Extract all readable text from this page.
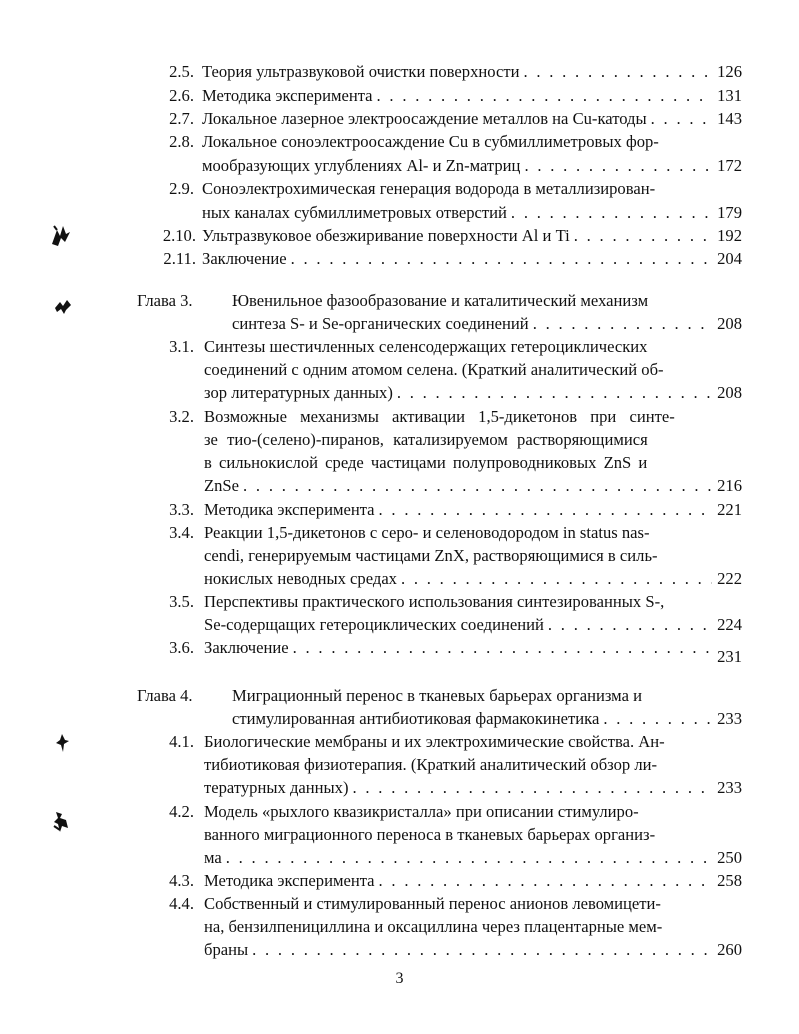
2.5. Теория ультразвуковой очистки поверхности . . .	126
2.6. Методика эксперимента . . .	131
2.7. Локальное лазерное электроосаждение металлов на Cu-катоды . . .	143
2.8. Локальное соноэлектроосаждение Cu в субмиллиметровых фор-
мообразующих углублениях Al- и Zn-матриц . . .	172
2.9. Соноэлектрохимическая генерация водорода в металлизирован-
ных каналах субмиллиметровых отверстий . . .	179
2.10. Ультразвуковое обезжиривание поверхности Al и Ti . . .	192
2.11. Заключение . . .	204
Глава 3. Ювенильное фазообразование и каталитический механизм
синтеза S- и Se-органических соединений . . .	208
3.1. Синтезы шестичленных селенсодержащих гетероциклических
соединений с одним атомом селена. (Краткий аналитический об-
зор литературных данных) . . .	208
3.2. Возможные механизмы активации 1,5-дикетонов при синте-
зе тио-(селено)-пиранов, катализируемом растворяющимися
в сильнокислой среде частицами полупроводниковых ZnS и
ZnSe . . .	216
3.3. Методика эксперимента . . .	221
3.4. Реакции 1,5-дикетонов с серо- и селеноводородом in status nas-
cendi, генерируемым частицами ZnX, растворяющимися в силь-
нокислых неводных средах . . .	222
3.5. Перспективы практического использования синтезированных S-,
Se-содерщащих гетероциклических соединений . . .	224
3.6. Заключение . . .	231
Глава 4. Миграционный перенос в тканевых барьерах организма и
стимулированная антибиотиковая фармакокинетика . . .	233
4.1. Биологические мембраны и их электрохимические свойства. Ан-
тибиотиковая физиотерапия. (Краткий аналитический обзор ли-
тературных данных) . . .	233
4.2. Модель «рыхлого квазикристалла» при описании стимулиро-
ванного миграционного переноса в тканевых барьерах организ-
ма . . .	250
4.3. Методика эксперимента . . .	258
4.4. Собственный и стимулированный перенос анионов левомицети-
на, бензилпенициллина и оксациллина через плацентарные мем-
браны . . .	260
3
